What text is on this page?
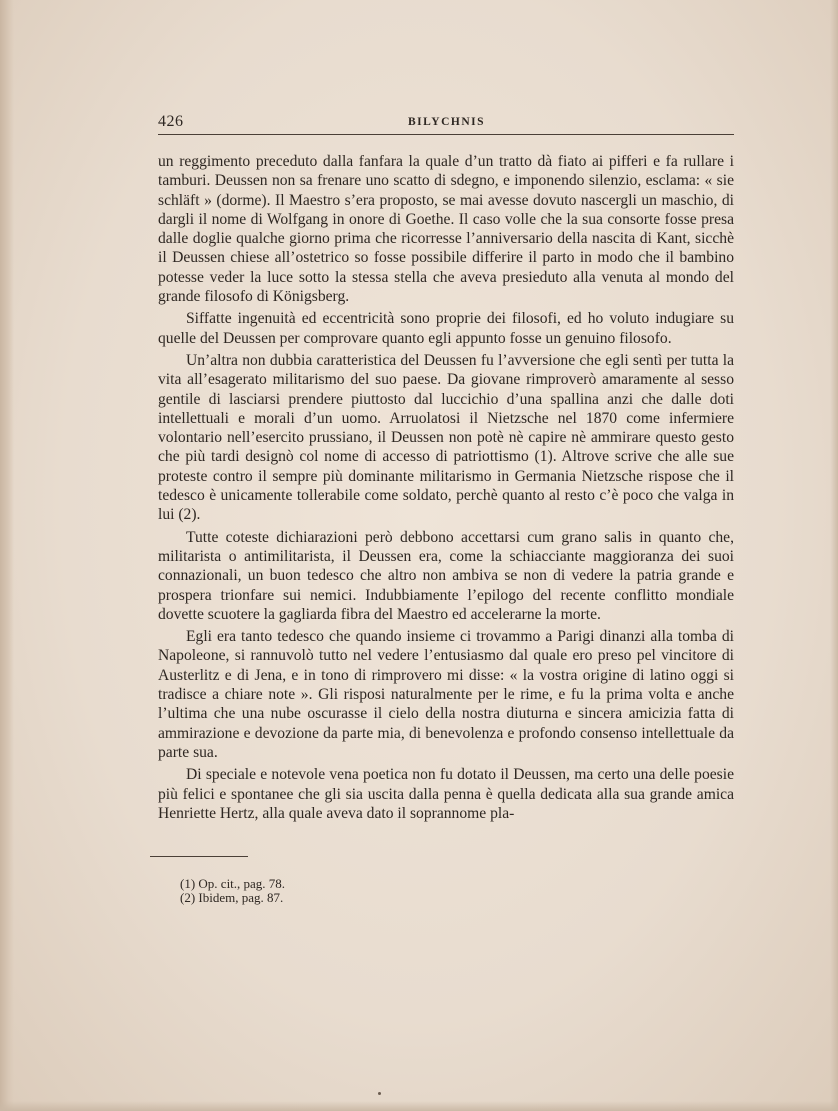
426	BILYCHNIS

un reggimento preceduto dalla fanfara la quale d’un tratto dà fiato ai pifferi e fa rullare i tamburi. Deussen non sa frenare uno scatto di sdegno, e imponendo silenzio, esclama: « sie schläft » (dorme). Il Maestro s’era proposto, se mai avesse dovuto nascergli un maschio, di dargli il nome di Wolfgang in onore di Goethe. Il caso volle che la sua consorte fosse presa dalle doglie qualche giorno prima che ricorresse l’anniversario della nascita di Kant, sicchè il Deussen chiese all’ostetrico so fosse possibile differire il parto in modo che il bambino potesse veder la luce sotto la stessa stella che aveva presieduto alla venuta al mondo del grande filosofo di Königsberg.

Siffatte ingenuità ed eccentricità sono proprie dei filosofi, ed ho voluto indugiare su quelle del Deussen per comprovare quanto egli appunto fosse un genuino filosofo.

Un’altra non dubbia caratteristica del Deussen fu l’avversione che egli sentì per tutta la vita all’esagerato militarismo del suo paese. Da giovane rimproverò amaramente al sesso gentile di lasciarsi prendere piuttosto dal luccichio d’una spallina anzi che dalle doti intellettuali e morali d’un uomo. Arruolatosi il Nietzsche nel 1870 come infermiere volontario nell’esercito prussiano, il Deussen non potè nè capire nè ammirare questo gesto che più tardi designò col nome di accesso di patriottismo (1). Altrove scrive che alle sue proteste contro il sempre più dominante militarismo in Germania Nietzsche rispose che il tedesco è unicamente tollerabile come soldato, perchè quanto al resto c’è poco che valga in lui (2).

Tutte coteste dichiarazioni però debbono accettarsi cum grano salis in quanto che, militarista o antimilitarista, il Deussen era, come la schiacciante maggioranza dei suoi connazionali, un buon tedesco che altro non ambiva se non di vedere la patria grande e prospera trionfare sui nemici. Indubbiamente l’epilogo del recente conflitto mondiale dovette scuotere la gagliarda fibra del Maestro ed accelerarne la morte.

Egli era tanto tedesco che quando insieme ci trovammo a Parigi dinanzi alla tomba di Napoleone, si rannuvolò tutto nel vedere l’entusiasmo dal quale ero preso pel vincitore di Austerlitz e di Jena, e in tono di rimprovero mi disse: « la vostra origine di latino oggi si tradisce a chiare note ». Gli risposi naturalmente per le rime, e fu la prima volta e anche l’ultima che una nube oscurasse il cielo della nostra diuturna e sincera amicizia fatta di ammirazione e devozione da parte mia, di benevolenza e profondo consenso intellettuale da parte sua.

Di speciale e notevole vena poetica non fu dotato il Deussen, ma certo una delle poesie più felici e spontanee che gli sia uscita dalla penna è quella dedicata alla sua grande amica Henriette Hertz, alla quale aveva dato il soprannome pla-

(1) Op. cit., pag. 78.
(2) Ibidem, pag. 87.
